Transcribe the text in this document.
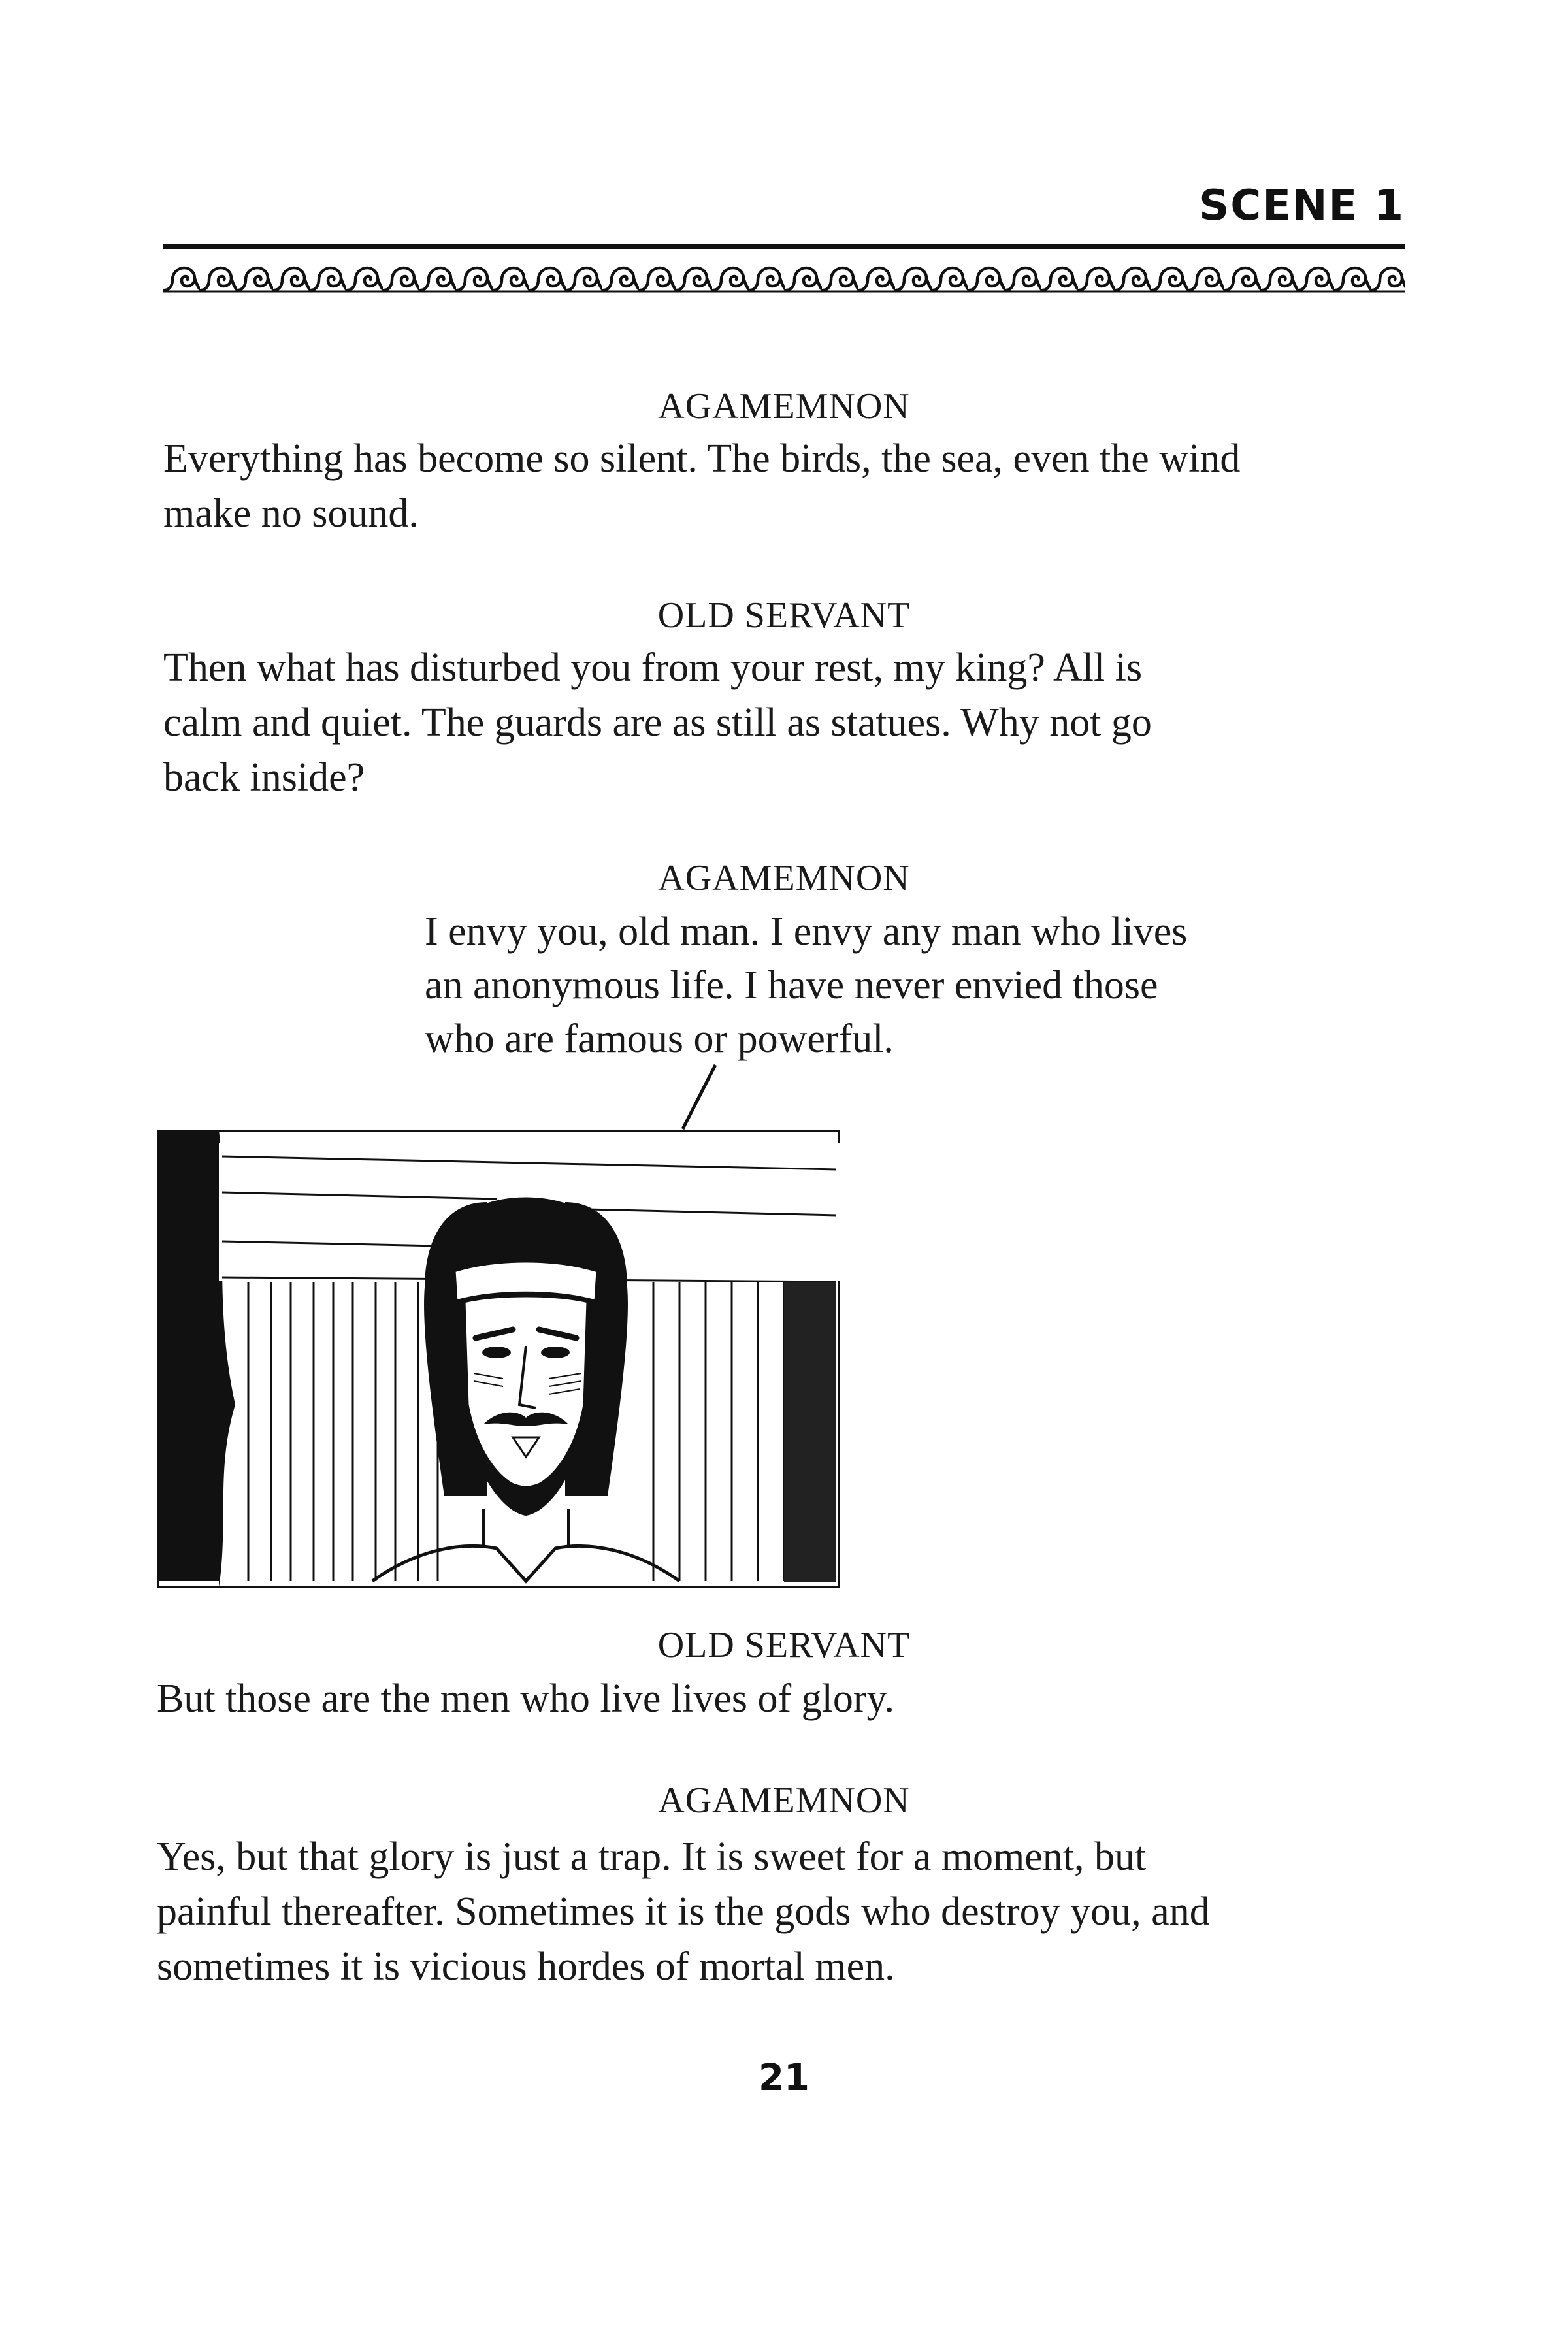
SCENE 1
AGAMEMNON
Everything has become so silent. The birds, the sea, even the wind
make no sound.
OLD SERVANT
Then what has disturbed you from your rest, my king? All is
calm and quiet. The guards are as still as statues. Why not go
back inside?
AGAMEMNON
I envy you, old man. I envy any man who lives
an anonymous life. I have never envied those
who are famous or powerful.
OLD SERVANT
But those are the men who live lives of glory.
AGAMEMNON
Yes, but that glory is just a trap. It is sweet for a moment, but
painful thereafter. Sometimes it is the gods who destroy you, and
sometimes it is vicious hordes of mortal men.
21
